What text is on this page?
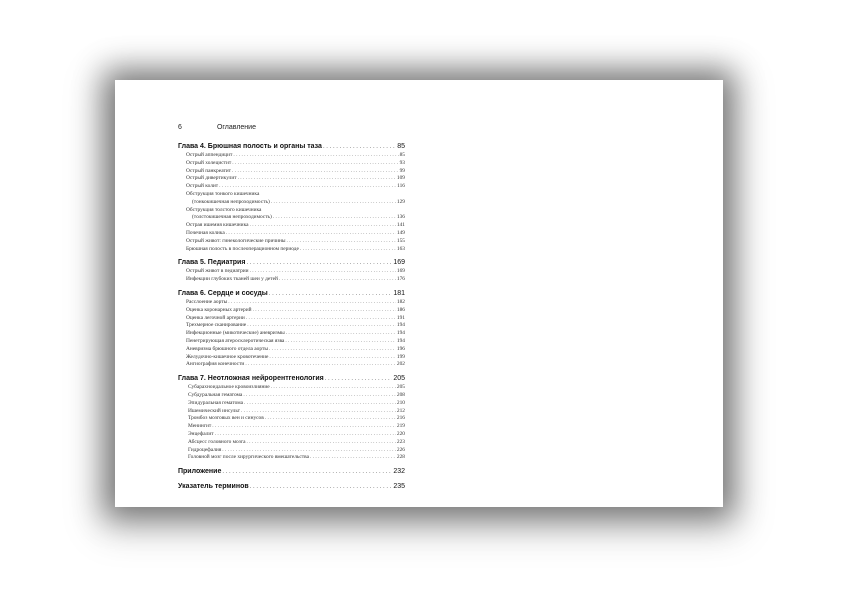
6	Оглавление
Глава 4. Брюшная полость и органы таза . . .	85
Острый аппендицит . . .	85
Острый холецистит . . .	93
Острый панкреатит . . .	99
Острый дивертикулит . . .	109
Острый колит . . .	116
Обструкция тонкого кишечника
(тонкокишечная непроходимость) . . .	129
Обструкция толстого кишечника
(толстокишечная непроходимость) . . .	136
Острая ишемия кишечника . . .	141
Почечная колика . . .	149
Острый живот: гинекологические причины . . .	155
Брюшная полость в послеоперационном периоде . . .	163
Глава 5. Педиатрия . . .	169
Острый живот в педиатрии . . .	169
Инфекции глубоких тканей шеи у детей . . .	176
Глава 6. Сердце и сосуды . . .	181
Расслоение аорты . . .	182
Оценка коронарных артерий . . .	186
Оценка легочной артерии . . .	191
Трехмерное сканирование . . .	194
Инфекционные (микотические) аневризмы . . .	194
Пенетрирующая атеросклеротическая язва . . .	194
Аневризма брюшного отдела аорты . . .	196
Желудочно-кишечное кровотечение . . .	199
Ангиография конечности . . .	202
Глава 7. Неотложная нейрорентгенология . . .	205
Субарахноидальное кровоизлияние . . .	205
Субдуральная гематома . . .	208
Эпидуральная гематома . . .	210
Ишемический инсульт . . .	212
Тромбоз мозговых вен и синусов . . .	216
Менингит . . .	219
Энцефалит . . .	220
Абсцесс головного мозга . . .	223
Гидроцефалия . . .	226
Головной мозг после хирургического вмешательства . . .	228
Приложение . . .	232
Указатель терминов . . .	235
